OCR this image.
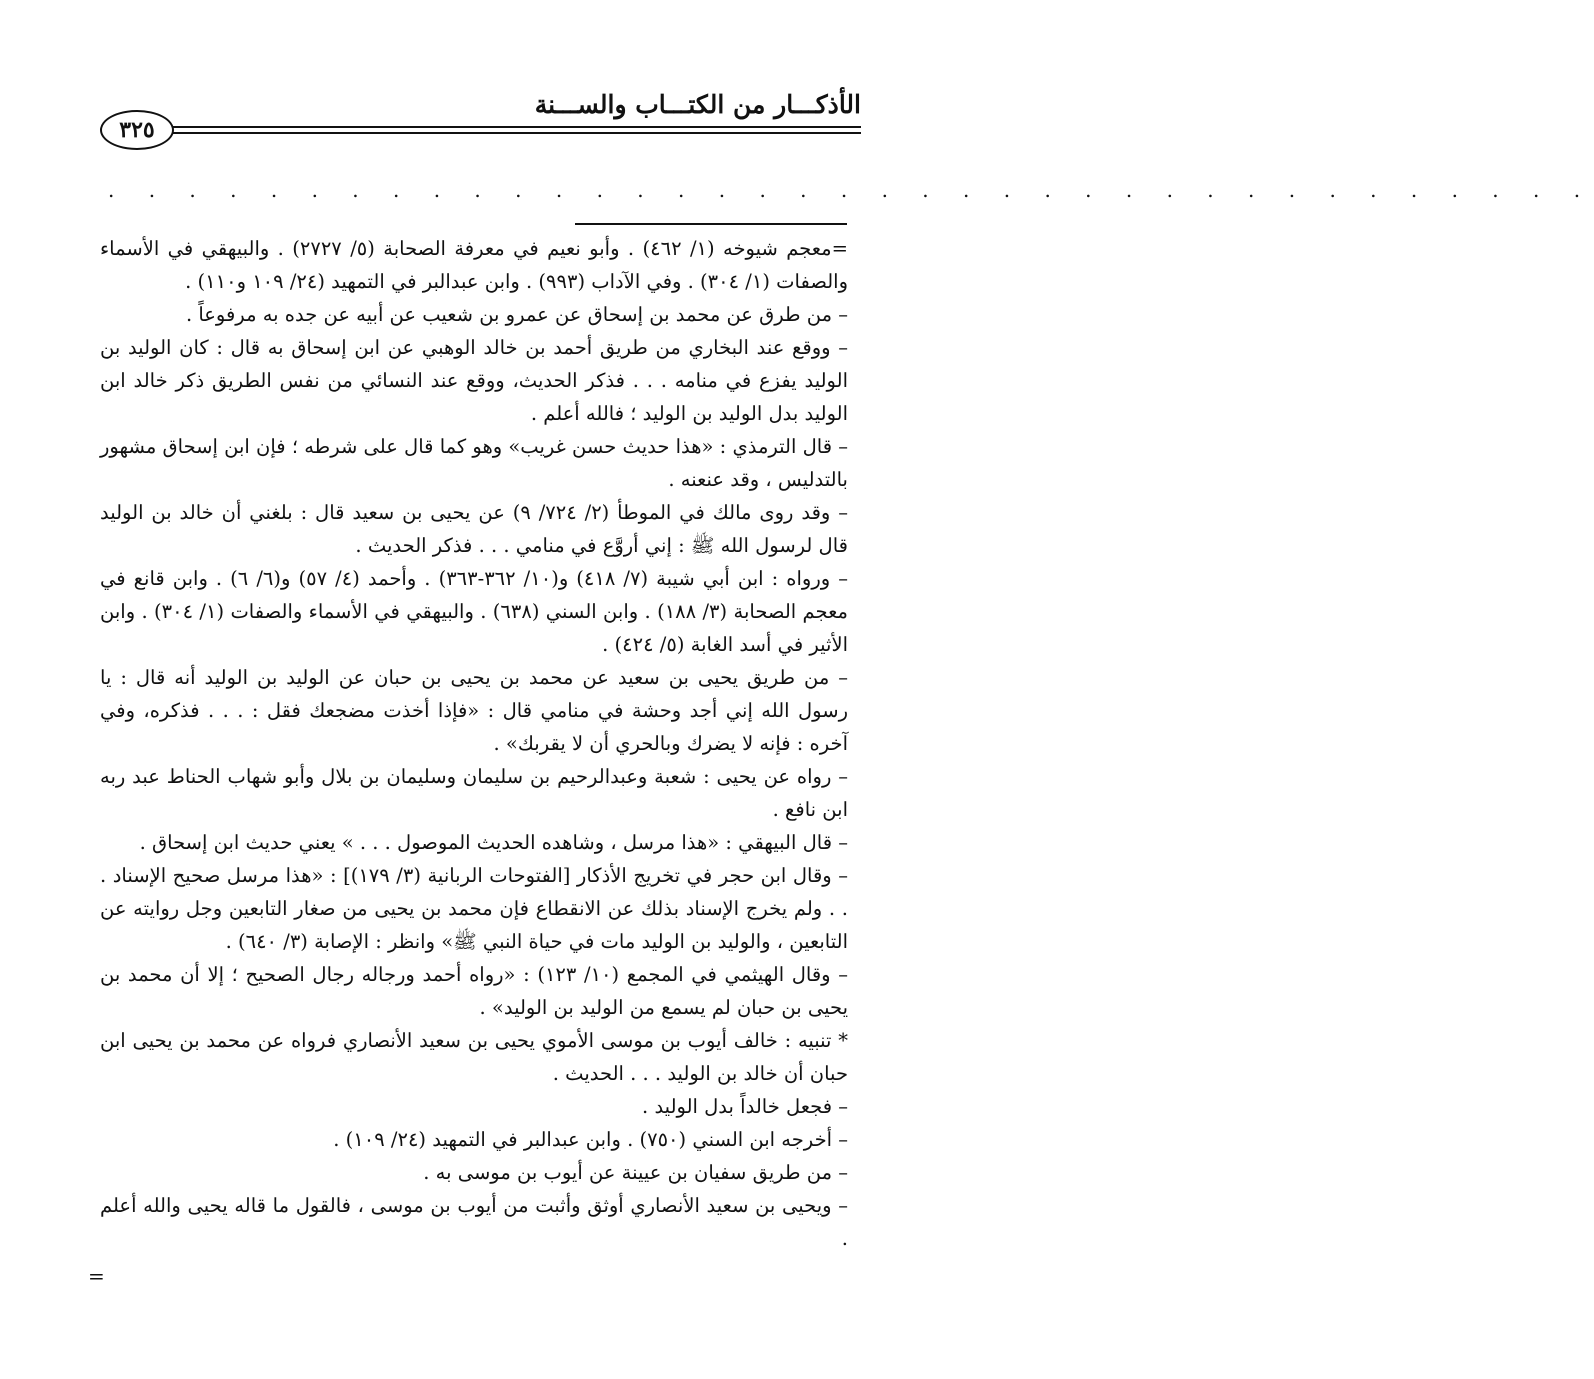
الأذكـــار من الكتـــاب والســـنة
٣٢٥
. . . . . . . . . . . . . . . . . . . . . . . . . . . . . . . . . . . . .

=معجم شيوخه (١/ ٤٦٢) . وأبو نعيم في معرفة الصحابة (٥/ ٢٧٢٧) . والبيهقي في الأسماء والصفات (١/ ٣٠٤) . وفي الآداب (٩٩٣) . وابن عبدالبر في التمهيد (٢٤/ ١٠٩ و١١٠) .

– من طرق عن محمد بن إسحاق عن عمرو بن شعيب عن أبيه عن جده به مرفوعاً .

– ووقع عند البخاري من طريق أحمد بن خالد الوهبي عن ابن إسحاق به قال : كان الوليد بن الوليد يفزع في منامه . . . فذكر الحديث، ووقع عند النسائي من نفس الطريق ذكر خالد ابن الوليد بدل الوليد بن الوليد ؛ فالله أعلم .

– قال الترمذي : «هذا حديث حسن غريب» وهو كما قال على شرطه ؛ فإن ابن إسحاق مشهور بالتدليس ، وقد عنعنه .

– وقد روى مالك في الموطأ (٢/ ٧٢٤/ ٩) عن يحيى بن سعيد قال : بلغني أن خالد بن الوليد قال لرسول الله ﷺ : إني أروَّع في منامي . . . فذكر الحديث .

– ورواه : ابن أبي شيبة (٧/ ٤١٨) و(١٠/ ٣٦٢-٣٦٣) . وأحمد (٤/ ٥٧) و(٦/ ٦) . وابن قانع في معجم الصحابة (٣/ ١٨٨) . وابن السني (٦٣٨) . والبيهقي في الأسماء والصفات (١/ ٣٠٤) . وابن الأثير في أسد الغابة (٥/ ٤٢٤) .

– من طريق يحيى بن سعيد عن محمد بن يحيى بن حبان عن الوليد بن الوليد أنه قال : يا رسول الله إني أجد وحشة في منامي قال : «فإذا أخذت مضجعك فقل : . . . فذكره، وفي آخره : فإنه لا يضرك وبالحري أن لا يقربك» .

– رواه عن يحيى : شعبة وعبدالرحيم بن سليمان وسليمان بن بلال وأبو شهاب الحناط عبد ربه ابن نافع .

– قال البيهقي : «هذا مرسل ، وشاهده الحديث الموصول . . . » يعني حديث ابن إسحاق .

– وقال ابن حجر في تخريج الأذكار [الفتوحات الربانية (٣/ ١٧٩)] : «هذا مرسل صحيح الإسناد . . . ولم يخرج الإسناد بذلك عن الانقطاع فإن محمد بن يحيى من صغار التابعين وجل روايته عن التابعين ، والوليد بن الوليد مات في حياة النبي ﷺ» وانظر : الإصابة (٣/ ٦٤٠) .

– وقال الهيثمي في المجمع (١٠/ ١٢٣) : «رواه أحمد ورجاله رجال الصحيح ؛ إلا أن محمد بن يحيى بن حبان لم يسمع من الوليد بن الوليد» .

* تنبيه : خالف أيوب بن موسى الأموي يحيى بن سعيد الأنصاري فرواه عن محمد بن يحيى ابن حبان أن خالد بن الوليد . . . الحديث .

– فجعل خالداً بدل الوليد .

– أخرجه ابن السني (٧٥٠) . وابن عبدالبر في التمهيد (٢٤/ ١٠٩) .

– من طريق سفيان بن عيينة عن أيوب بن موسى به .

– ويحيى بن سعيد الأنصاري أوثق وأثبت من أيوب بن موسى ، فالقول ما قاله يحيى والله أعلم .

=
